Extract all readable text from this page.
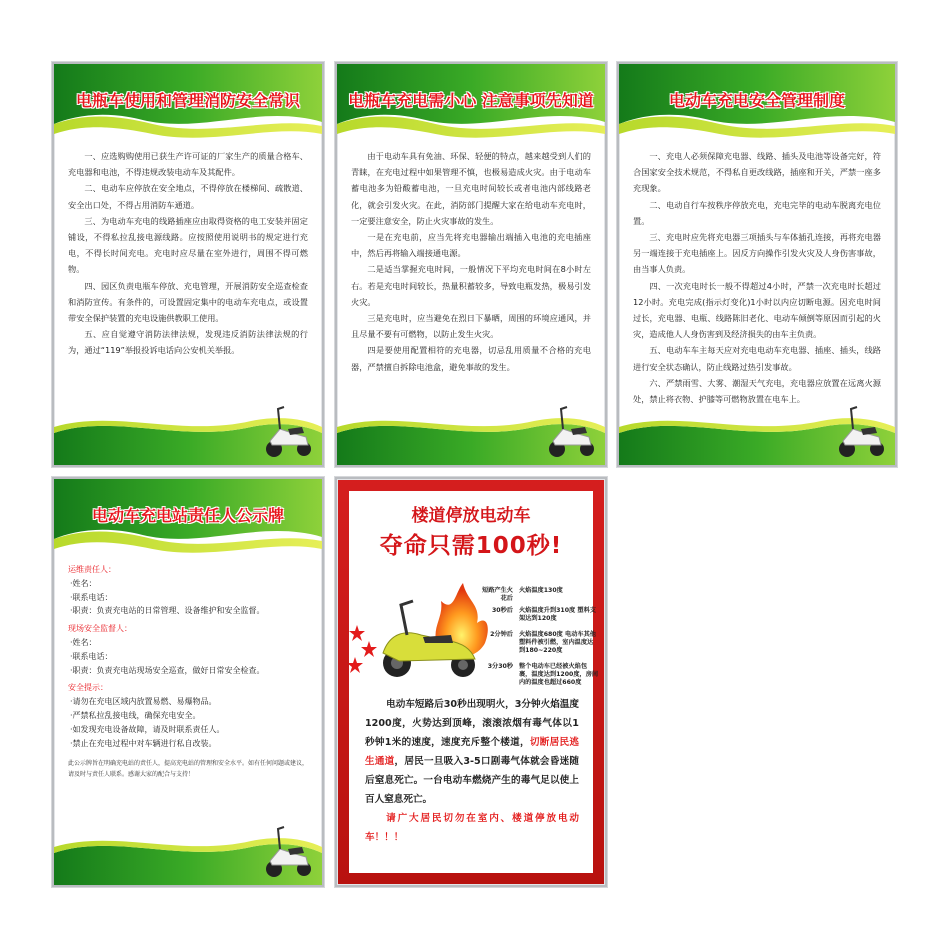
电瓶车使用和管理消防安全常识

一、应选购购使用已获生产许可证的厂家生产的质量合格车、充电器和电池，不得违规改装电动车及其配件。

二、电动车应停放在安全地点，不得停放在楼梯间、疏散道、安全出口处，不得占用消防车通道。

三、为电动车充电的线路插座应由取得资格的电工安装并固定铺设，不得私拉乱接电源线路。应按照使用说明书的规定进行充电，不得长时间充电。充电时应尽量在室外进行，周围不得可燃物。

四、园区负责电瓶车停放、充电管理，开展消防安全巡查检查和消防宣传。有条件的，可设置固定集中的电动车充电点，或设置带安全保护装置的充电设施供教职工使用。

五、应自觉遵守消防法律法规，发现违反消防法律法规的行为，通过“119”举报投诉电话向公安机关举报。

电瓶车充电需小心 注意事项先知道

由于电动车具有免油、环保、轻便的特点，越来越受到人们的青睐，在充电过程中如果管理不慎，也极易造成火灾。由于电动车蓄电池多为铅酸蓄电池，一旦充电时间较长或者电池内部线路老化，就会引发火灾。在此，消防部门提醒大家在给电动车充电时，一定要注意安全，防止火灾事故的发生。

一是在充电前，应当先将充电器输出端插入电池的充电插座中，然后再将输入端接通电源。

二是适当掌握充电时间，一般情况下平均充电时间在8小时左右。若是充电时间较长，热量积蓄较多，导致电瓶发热，极易引发火灾。

三是充电时，应当避免在烈日下暴晒，周围的环境应通风，并且尽量不要有可燃物，以防止发生火灾。

四是要使用配置相符的充电器，切忌乱用质量不合格的充电器，严禁擅自拆除电池盒，避免事故的发生。

电动车充电安全管理制度

一、充电人必须保障充电器、线路、插头及电池等设备完好，符合国家安全技术规范，不得私自更改线路，插座和开关，严禁一座多充现象。

二、电动自行车按秩序停放充电，充电完毕的电动车脱离充电位置。

三、充电时应先将充电器三项插头与车体插孔连接，再将充电器另一端连接于充电插座上。因反方向操作引发火灾及人身伤害事故，由当事人负责。

四、一次充电时长一般不得超过4小时，严禁一次充电时长超过12小时。充电完成(指示灯变化)1小时以内应切断电源。因充电时间过长，充电器、电瓶、线路陈旧老化、电动车倾倒等原因而引起的火灾，造成他人人身伤害到及经济损失的由车主负责。

五、电动车车主每天应对充电电动车充电器、插座、插头，线路进行安全状态确认，防止线路过热引发事故。

六、严禁雨雪、大雾、潮湿天气充电，充电器应放置在远离火源处，禁止将衣物、护膝等可燃物放置在电车上。

电动车充电站责任人公示牌
运维责任人：
·姓名：
·联系电话：
·职责：负责充电站的日常管理、设备维护和安全监督。
现场安全监督人：
·姓名：
·联系电话：
·职责：负责充电站现场安全巡查，做好日常安全检查。
安全提示：
·请勿在充电区域内放置易燃、易爆物品。
·严禁私拉乱接电线，确保充电安全。
·如发现充电设备故障，请及时联系责任人。
·禁止在充电过程中对车辆进行私自改装。
此公示牌旨在明确充电站的责任人，提高充电站的管理和安全水平。如有任何问题或建议，请及时与责任人联系。感谢大家的配合与支持！
楼道停放电动车
夺命只需100秒!
短路产生火花后
火焰温度130度
30秒后 火焰温度升到310度 塑料支架达到120度
2分钟后 火焰温度680度 电动车其他塑料件被引燃，室内温度达到180~220度
3分30秒 整个电动车已经被火焰包裹，温度达到1200度，房间内的温度也超过660度

电动车短路后30秒出现明火，3分钟火焰温度1200度，火势达到顶峰，滚滚浓烟有毒气体以1秒钟1米的速度，速度充斥整个楼道，切断居民逃生通道，居民一旦吸入3-5口剧毒气体就会昏迷随后窒息死亡。一台电动车燃烧产生的毒气足以使上百人窒息死亡。

请广大居民切勿在室内、楼道停放电动车！！！
